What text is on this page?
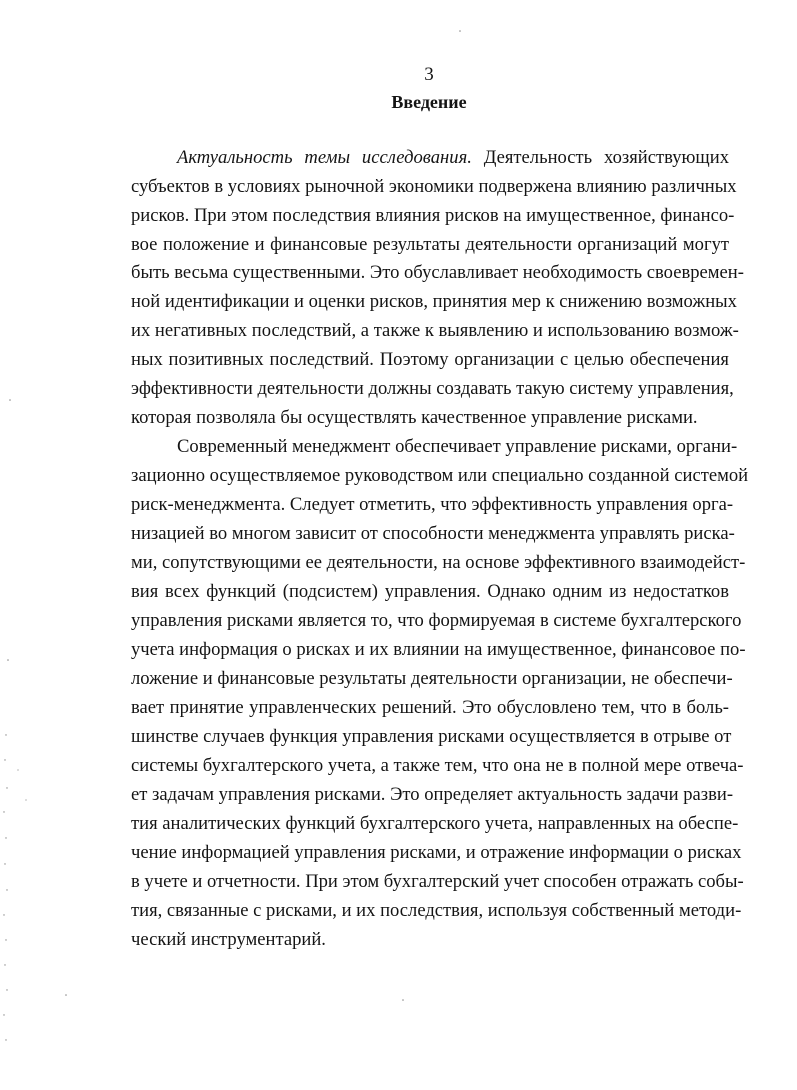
3
Введение
Актуальность темы исследования. Деятельность хозяйствующих
субъектов в условиях рыночной экономики подвержена влиянию различных
рисков. При этом последствия влияния рисков на имущественное, финансо-
вое положение и финансовые результаты деятельности организаций могут
быть весьма существенными. Это обуславливает необходимость своевремен-
ной идентификации и оценки рисков, принятия мер к снижению возможных
их негативных последствий, а также к выявлению и использованию возмож-
ных позитивных последствий. Поэтому организации с целью обеспечения
эффективности деятельности должны создавать такую систему управления,
которая позволяла бы осуществлять качественное управление рисками.
Современный менеджмент обеспечивает управление рисками, органи-
зационно осуществляемое руководством или специально созданной системой
риск-менеджмента. Следует отметить, что эффективность управления орга-
низацией во многом зависит от способности менеджмента управлять риска-
ми, сопутствующими ее деятельности, на основе эффективного взаимодейст-
вия всех функций (подсистем) управления. Однако одним из недостатков
управления рисками является то, что формируемая в системе бухгалтерского
учета информация о рисках и их влиянии на имущественное, финансовое по-
ложение и финансовые результаты деятельности организации, не обеспечи-
вает принятие управленческих решений. Это обусловлено тем, что в боль-
шинстве случаев функция управления рисками осуществляется в отрыве от
системы бухгалтерского учета, а также тем, что она не в полной мере отвеча-
ет задачам управления рисками. Это определяет актуальность задачи разви-
тия аналитических функций бухгалтерского учета, направленных на обеспе-
чение информацией управления рисками, и отражение информации о рисках
в учете и отчетности. При этом бухгалтерский учет способен отражать собы-
тия, связанные с рисками, и их последствия, используя собственный методи-
ческий инструментарий.
